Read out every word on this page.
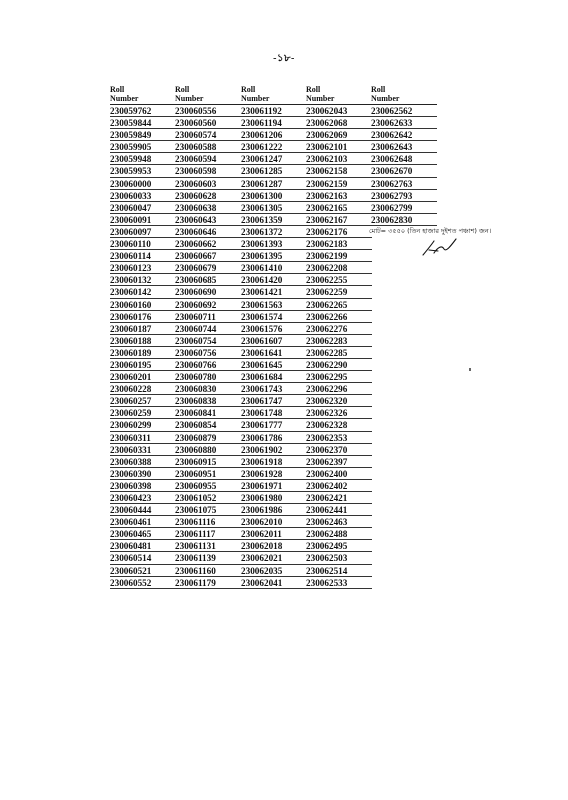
-১৮-
Roll
Number
230059762
230059844
230059849
230059905
230059948
230059953
230060000
230060033
230060047
230060091
230060097
230060110
230060114
230060123
230060132
230060142
230060160
230060176
230060187
230060188
230060189
230060195
230060201
230060228
230060257
230060259
230060299
230060311
230060331
230060388
230060390
230060398
230060423
230060444
230060461
230060465
230060481
230060514
230060521
230060552
Roll
Number
230060556
230060560
230060574
230060588
230060594
230060598
230060603
230060628
230060638
230060643
230060646
230060662
230060667
230060679
230060685
230060690
230060692
230060711
230060744
230060754
230060756
230060766
230060780
230060830
230060838
230060841
230060854
230060879
230060880
230060915
230060951
230060955
230061052
230061075
230061116
230061117
230061131
230061139
230061160
230061179
Roll
Number
230061192
230061194
230061206
230061222
230061247
230061285
230061287
230061300
230061305
230061359
230061372
230061393
230061395
230061410
230061420
230061421
230061563
230061574
230061576
230061607
230061641
230061645
230061684
230061743
230061747
230061748
230061777
230061786
230061902
230061918
230061928
230061971
230061980
230061986
230062010
230062011
230062018
230062021
230062035
230062041
Roll
Number
230062043
230062068
230062069
230062101
230062103
230062158
230062159
230062163
230062165
230062167
230062176
230062183
230062199
230062208
230062255
230062259
230062265
230062266
230062276
230062283
230062285
230062290
230062295
230062296
230062320
230062326
230062328
230062353
230062370
230062397
230062400
230062402
230062421
230062441
230062463
230062488
230062495
230062503
230062514
230062533
Roll
Number
230062562
230062633
230062642
230062643
230062648
230062670
230062763
230062793
230062799
230062830
মোট= ৩৫৫০ (তিন হাজার দুইশত পঞ্চাশ) জন।
